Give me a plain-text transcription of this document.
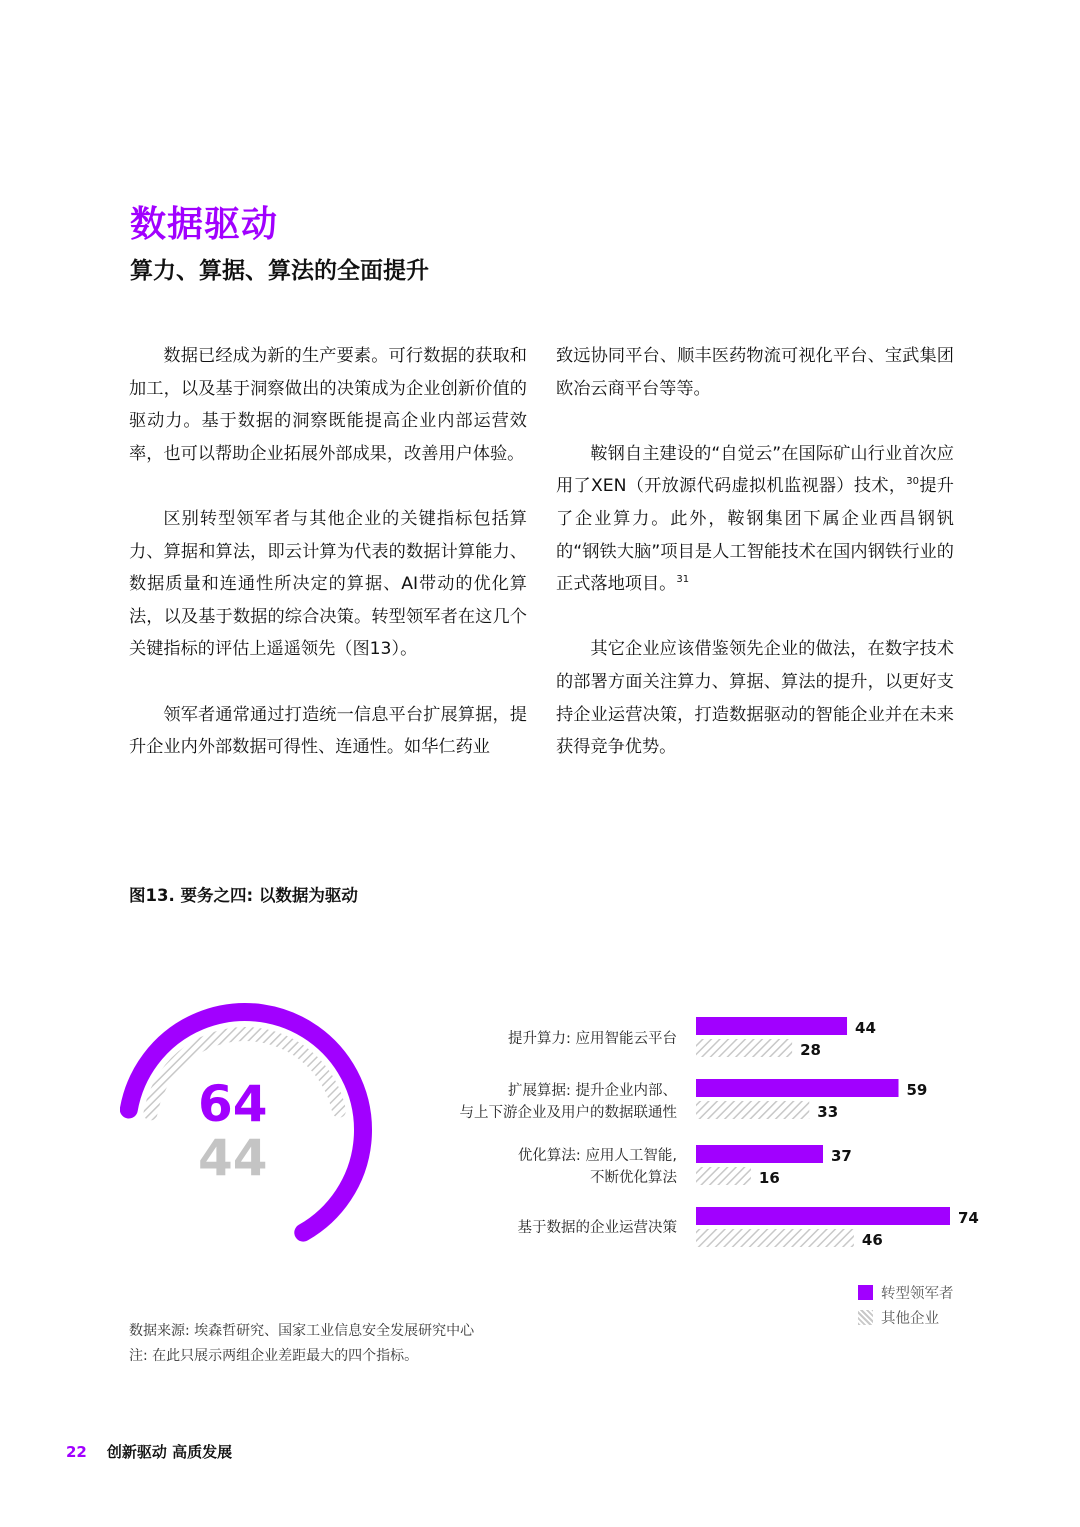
数据驱动
算力、算据、算法的全面提升

数据已经成为新的生产要素。可行数据的获取和加工，以及基于洞察做出的决策成为企业创新价值的驱动力。基于数据的洞察既能提高企业内部运营效率，也可以帮助企业拓展外部成果，改善用户体验。

区别转型领军者与其他企业的关键指标包括算力、算据和算法，即云计算为代表的数据计算能力、数据质量和连通性所决定的算据、AI带动的优化算法，以及基于数据的综合决策。转型领军者在这几个关键指标的评估上遥遥领先（图13）。

领军者通常通过打造统一信息平台扩展算据，提升企业内外部数据可得性、连通性。如华仁药业

致远协同平台、顺丰医药物流可视化平台、宝武集团欧冶云商平台等等。

鞍钢自主建设的“自觉云”在国际矿山行业首次应用了XEN（开放源代码虚拟机监视器）技术，$^{30}$提升了企业算力。此外，鞍钢集团下属企业西昌钢钒的“钢铁大脑”项目是人工智能技术在国内钢铁行业的正式落地项目。$^{31}$

其它企业应该借鉴领先企业的做法，在数字技术的部署方面关注算力、算据、算法的提升，以更好支持企业运营决策，打造数据驱动的智能企业并在未来获得竞争优势。

图13. 要务之四: 以数据为驱动
64
44
提升算力: 应用智能云平台
扩展算据: 提升企业内部、
与上下游企业及用户的数据联通性
优化算法: 应用人工智能,
不断优化算法
基于数据的企业运营决策
44
28
59
33
37
16
74
46
转型领军者
其他企业
数据来源: 埃森哲研究、国家工业信息安全发展研究中心
注: 在此只展示两组企业差距最大的四个指标。
22 创新驱动 高质发展
